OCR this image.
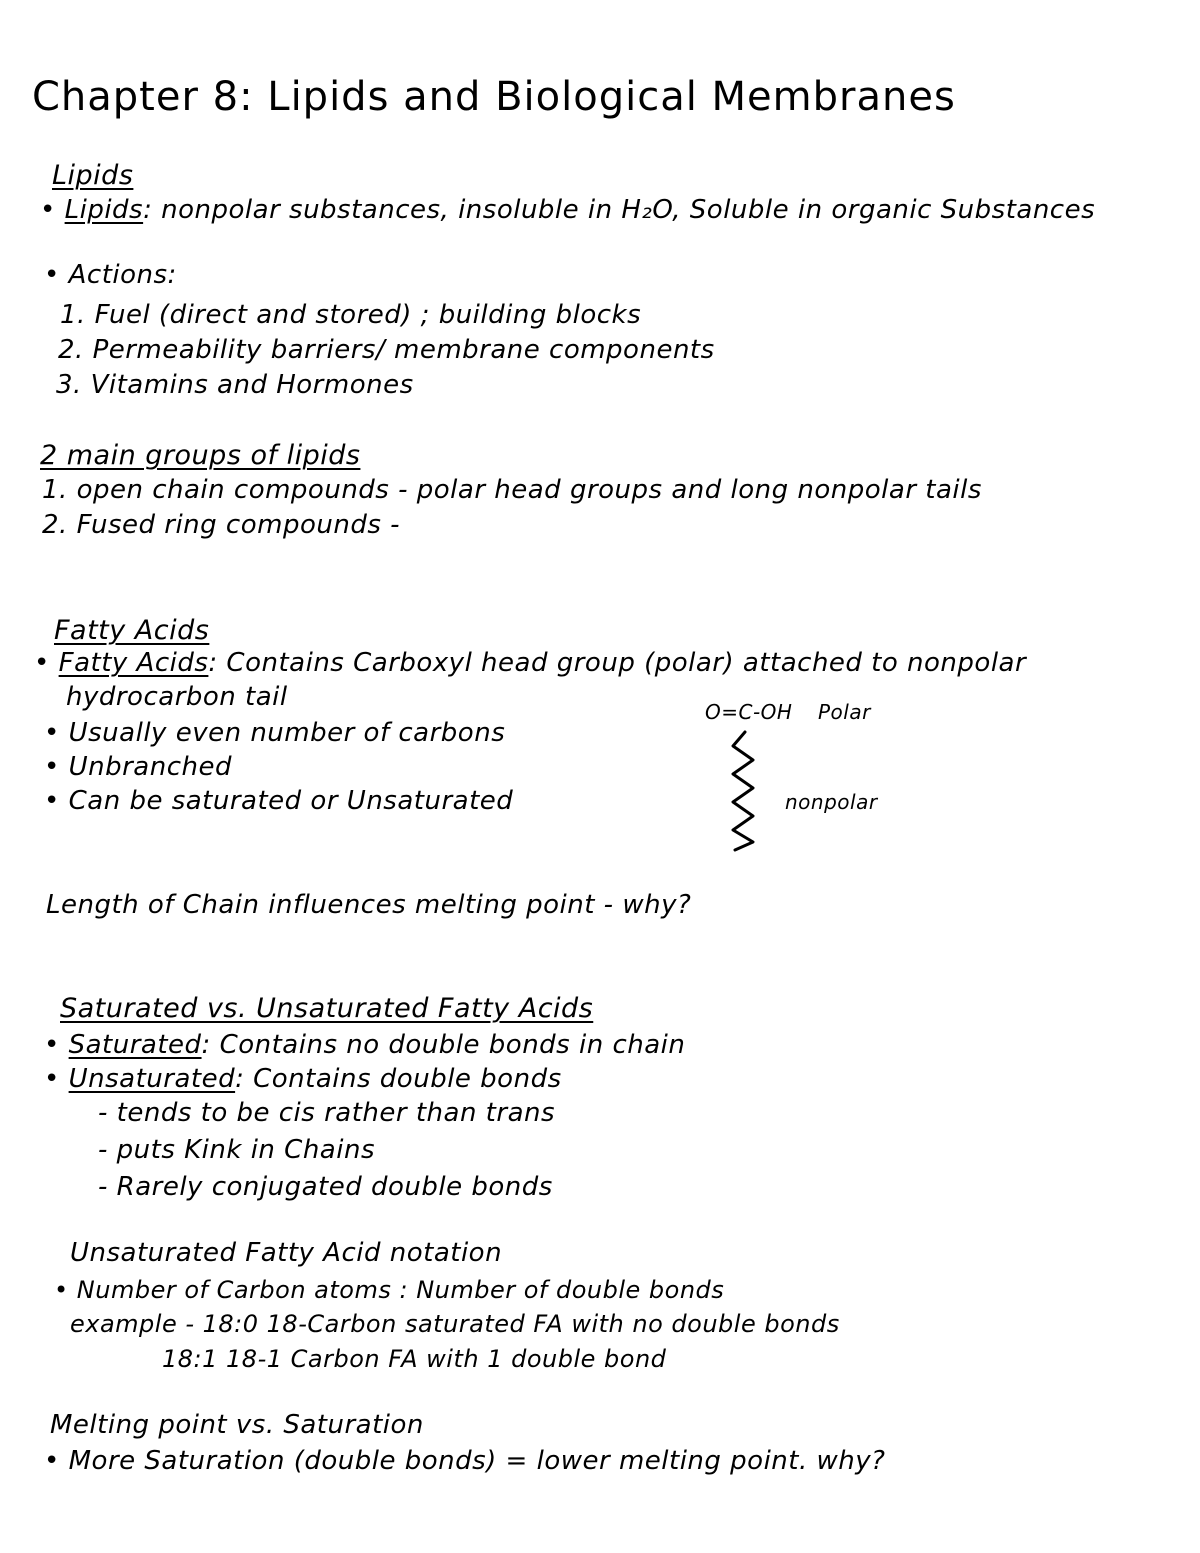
Chapter 8: Lipids and Biological Membranes
Lipids
• Lipids: nonpolar substances, insoluble in H₂O, Soluble in organic Substances
• Actions:
1. Fuel (direct and stored) ; building blocks
2. Permeability barriers/ membrane components
3. Vitamins and Hormones
2 main groups of lipids
1. open chain compounds - polar head groups and long nonpolar tails
2. Fused ring compounds -
Fatty Acids
• Fatty Acids: Contains Carboxyl head group (polar) attached to nonpolar
hydrocarbon tail
• Usually even number of carbons
• Unbranched
• Can be saturated or Unsaturated
O=C-OH Polar
nonpolar
Length of Chain influences melting point - why?
Saturated vs. Unsaturated Fatty Acids
• Saturated: Contains no double bonds in chain
• Unsaturated: Contains double bonds
- tends to be cis rather than trans
- puts Kink in Chains
- Rarely conjugated double bonds
Unsaturated Fatty Acid notation
• Number of Carbon atoms : Number of double bonds
example - 18:0 18-Carbon saturated FA with no double bonds
18:1 18-1 Carbon FA with 1 double bond
Melting point vs. Saturation
• More Saturation (double bonds) = lower melting point. why?
